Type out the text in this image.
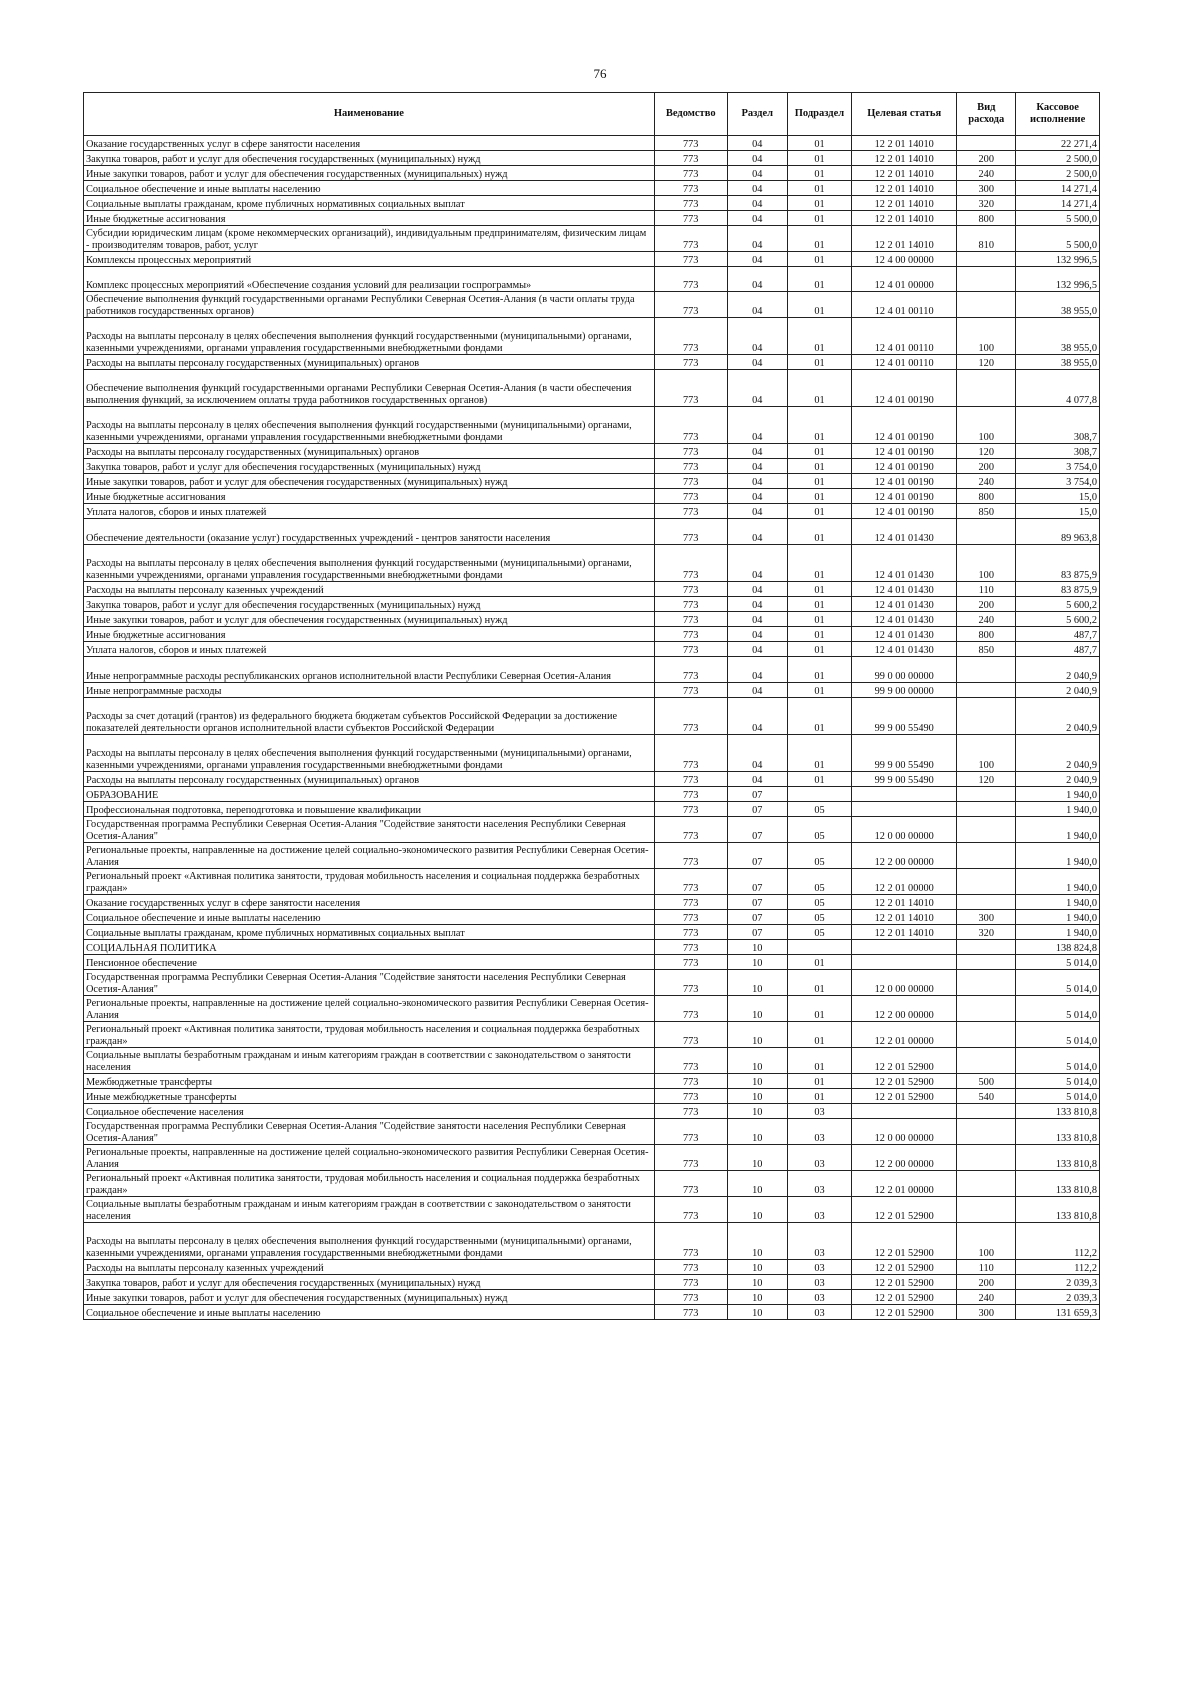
76
Наименование	Ведомство	Раздел	Подраздел	Целевая статья	Вид расхода	Кассовое исполнение
Оказание государственных услуг в сфере занятости населения	773	04	01	12 2 01 14010		22 271,4
Закупка товаров, работ и услуг для обеспечения государственных (муниципальных) нужд	773	04	01	12 2 01 14010	200	2 500,0
Иные закупки товаров, работ и услуг для обеспечения государственных (муниципальных) нужд	773	04	01	12 2 01 14010	240	2 500,0
Социальное обеспечение и иные выплаты населению	773	04	01	12 2 01 14010	300	14 271,4
Социальные выплаты гражданам, кроме публичных нормативных социальных выплат	773	04	01	12 2 01 14010	320	14 271,4
Иные бюджетные ассигнования	773	04	01	12 2 01 14010	800	5 500,0
Субсидии юридическим лицам (кроме некоммерческих организаций), индивидуальным предпринимателям, физическим лицам - производителям товаров, работ, услуг	773	04	01	12 2 01 14010	810	5 500,0
Комплексы процессных мероприятий	773	04	01	12 4 00 00000		132 996,5
Комплекс процессных мероприятий «Обеспечение создания условий для реализации госпрограммы»	773	04	01	12 4 01 00000		132 996,5
Обеспечение выполнения функций государственными органами Республики Северная Осетия-Алания (в части оплаты труда работников государственных органов)	773	04	01	12 4 01 00110		38 955,0
Расходы на выплаты персоналу в целях обеспечения выполнения функций государственными (муниципальными) органами, казенными учреждениями, органами управления государственными внебюджетными фондами	773	04	01	12 4 01 00110	100	38 955,0
Расходы на выплаты персоналу государственных (муниципальных) органов	773	04	01	12 4 01 00110	120	38 955,0
Обеспечение выполнения функций государственными органами Республики Северная Осетия-Алания (в части обеспечения выполнения функций, за исключением оплаты труда работников государственных органов)	773	04	01	12 4 01 00190		4 077,8
Расходы на выплаты персоналу в целях обеспечения выполнения функций государственными (муниципальными) органами, казенными учреждениями, органами управления государственными внебюджетными фондами	773	04	01	12 4 01 00190	100	308,7
Расходы на выплаты персоналу государственных (муниципальных) органов	773	04	01	12 4 01 00190	120	308,7
Закупка товаров, работ и услуг для обеспечения государственных (муниципальных) нужд	773	04	01	12 4 01 00190	200	3 754,0
Иные закупки товаров, работ и услуг для обеспечения государственных (муниципальных) нужд	773	04	01	12 4 01 00190	240	3 754,0
Иные бюджетные ассигнования	773	04	01	12 4 01 00190	800	15,0
Уплата налогов, сборов и иных платежей	773	04	01	12 4 01 00190	850	15,0
Обеспечение деятельности (оказание услуг) государственных учреждений - центров занятости населения	773	04	01	12 4 01 01430		89 963,8
Расходы на выплаты персоналу в целях обеспечения выполнения функций государственными (муниципальными) органами, казенными учреждениями, органами управления государственными внебюджетными фондами	773	04	01	12 4 01 01430	100	83 875,9
Расходы на выплаты персоналу казенных учреждений	773	04	01	12 4 01 01430	110	83 875,9
Закупка товаров, работ и услуг для обеспечения государственных (муниципальных) нужд	773	04	01	12 4 01 01430	200	5 600,2
Иные закупки товаров, работ и услуг для обеспечения государственных (муниципальных) нужд	773	04	01	12 4 01 01430	240	5 600,2
Иные бюджетные ассигнования	773	04	01	12 4 01 01430	800	487,7
Уплата налогов, сборов и иных платежей	773	04	01	12 4 01 01430	850	487,7
Иные непрограммные расходы республиканских органов исполнительной власти Республики Северная Осетия-Алания	773	04	01	99 0 00 00000		2 040,9
Иные непрограммные расходы	773	04	01	99 9 00 00000		2 040,9
Расходы за счет дотаций (грантов) из федерального бюджета бюджетам субъектов Российской Федерации за достижение показателей деятельности органов исполнительной власти субъектов Российской Федерации	773	04	01	99 9 00 55490		2 040,9
Расходы на выплаты персоналу в целях обеспечения выполнения функций государственными (муниципальными) органами, казенными учреждениями, органами управления государственными внебюджетными фондами	773	04	01	99 9 00 55490	100	2 040,9
Расходы на выплаты персоналу государственных (муниципальных) органов	773	04	01	99 9 00 55490	120	2 040,9
ОБРАЗОВАНИЕ	773	07				1 940,0
Профессиональная подготовка, переподготовка и повышение квалификации	773	07	05			1 940,0
Государственная программа Республики Северная Осетия-Алания "Содействие занятости населения Республики Северная Осетия-Алания"	773	07	05	12 0 00 00000		1 940,0
Региональные проекты, направленные на достижение целей социально-экономического развития Республики Северная Осетия-Алания	773	07	05	12 2 00 00000		1 940,0
Региональный проект «Активная политика занятости, трудовая мобильность населения и социальная поддержка безработных граждан»	773	07	05	12 2 01 00000		1 940,0
Оказание государственных услуг в сфере занятости населения	773	07	05	12 2 01 14010		1 940,0
Социальное обеспечение и иные выплаты населению	773	07	05	12 2 01 14010	300	1 940,0
Социальные выплаты гражданам, кроме публичных нормативных социальных выплат	773	07	05	12 2 01 14010	320	1 940,0
СОЦИАЛЬНАЯ ПОЛИТИКА	773	10				138 824,8
Пенсионное обеспечение	773	10	01			5 014,0
Государственная программа Республики Северная Осетия-Алания "Содействие занятости населения Республики Северная Осетия-Алания"	773	10	01	12 0 00 00000		5 014,0
Региональные проекты, направленные на достижение целей социально-экономического развития Республики Северная Осетия-Алания	773	10	01	12 2 00 00000		5 014,0
Региональный проект «Активная политика занятости, трудовая мобильность населения и социальная поддержка безработных граждан»	773	10	01	12 2 01 00000		5 014,0
Социальные выплаты безработным гражданам и иным категориям граждан в соответствии с законодательством о занятости населения	773	10	01	12 2 01 52900		5 014,0
Межбюджетные трансферты	773	10	01	12 2 01 52900	500	5 014,0
Иные межбюджетные трансферты	773	10	01	12 2 01 52900	540	5 014,0
Социальное обеспечение населения	773	10	03			133 810,8
Государственная программа Республики Северная Осетия-Алания "Содействие занятости населения Республики Северная Осетия-Алания"	773	10	03	12 0 00 00000		133 810,8
Региональные проекты, направленные на достижение целей социально-экономического развития Республики Северная Осетия-Алания	773	10	03	12 2 00 00000		133 810,8
Региональный проект «Активная политика занятости, трудовая мобильность населения и социальная поддержка безработных граждан»	773	10	03	12 2 01 00000		133 810,8
Социальные выплаты безработным гражданам и иным категориям граждан в соответствии с законодательством о занятости населения	773	10	03	12 2 01 52900		133 810,8
Расходы на выплаты персоналу в целях обеспечения выполнения функций государственными (муниципальными) органами, казенными учреждениями, органами управления государственными внебюджетными фондами	773	10	03	12 2 01 52900	100	112,2
Расходы на выплаты персоналу казенных учреждений	773	10	03	12 2 01 52900	110	112,2
Закупка товаров, работ и услуг для обеспечения государственных (муниципальных) нужд	773	10	03	12 2 01 52900	200	2 039,3
Иные закупки товаров, работ и услуг для обеспечения государственных (муниципальных) нужд	773	10	03	12 2 01 52900	240	2 039,3
Социальное обеспечение и иные выплаты населению	773	10	03	12 2 01 52900	300	131 659,3
